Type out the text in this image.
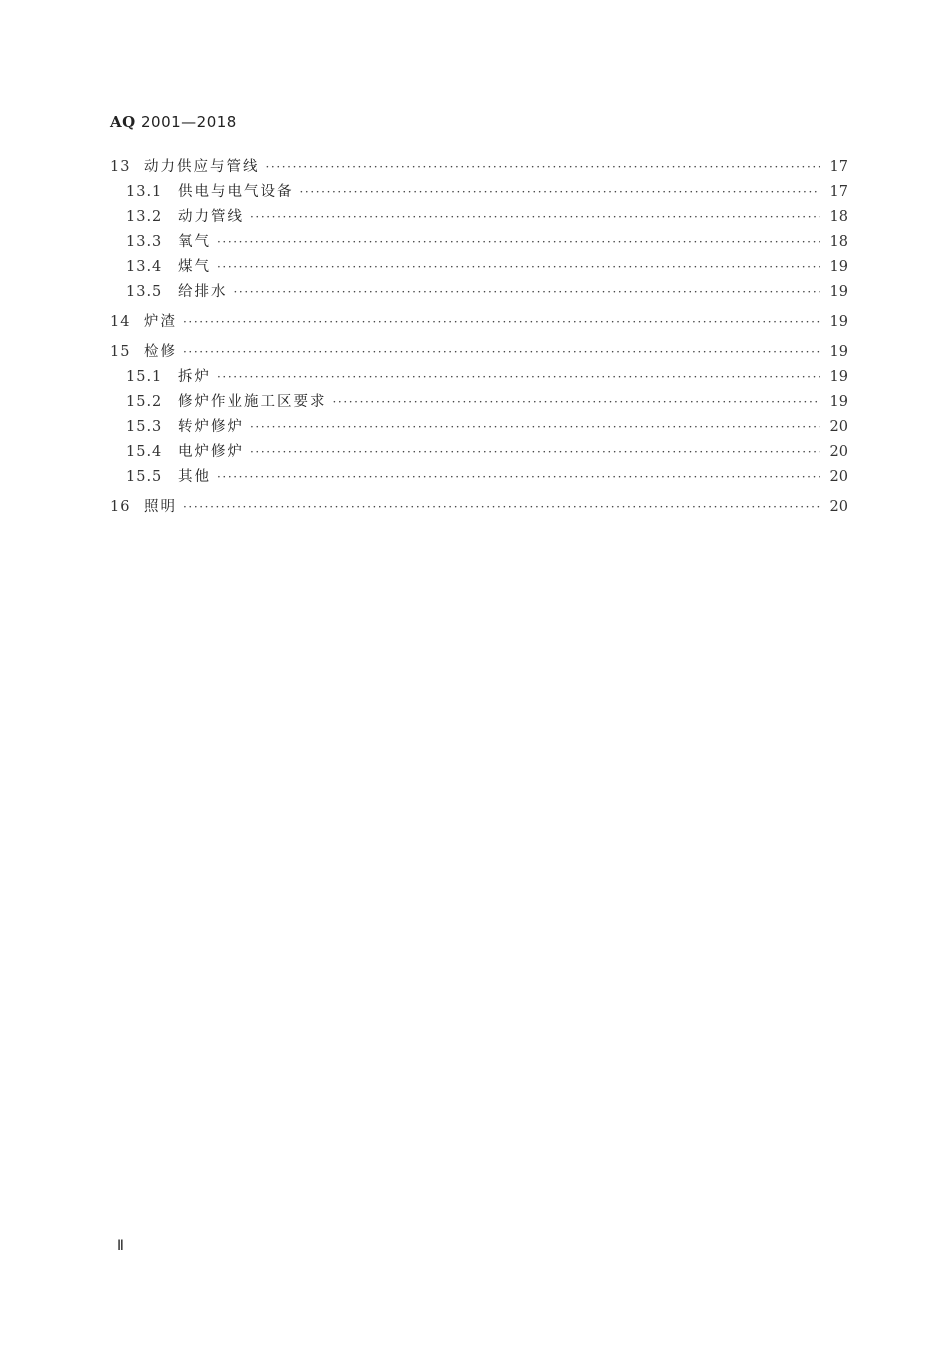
AQ 2001—2018
13 动力供应与管线 ·····	17
13.1	供电与电气设备 ·····	17
13.2	动力管线 ·····	18
13.3	氧气 ·····	18
13.4	煤气 ·····	19
13.5	给排水 ·····	19
14 炉渣 ·····	19
15 检修 ·····	19
15.1	拆炉 ·····	19
15.2	修炉作业施工区要求 ·····	19
15.3	转炉修炉 ·····	20
15.4	电炉修炉 ·····	20
15.5	其他 ·····	20
16 照明 ·····	20
Ⅱ
